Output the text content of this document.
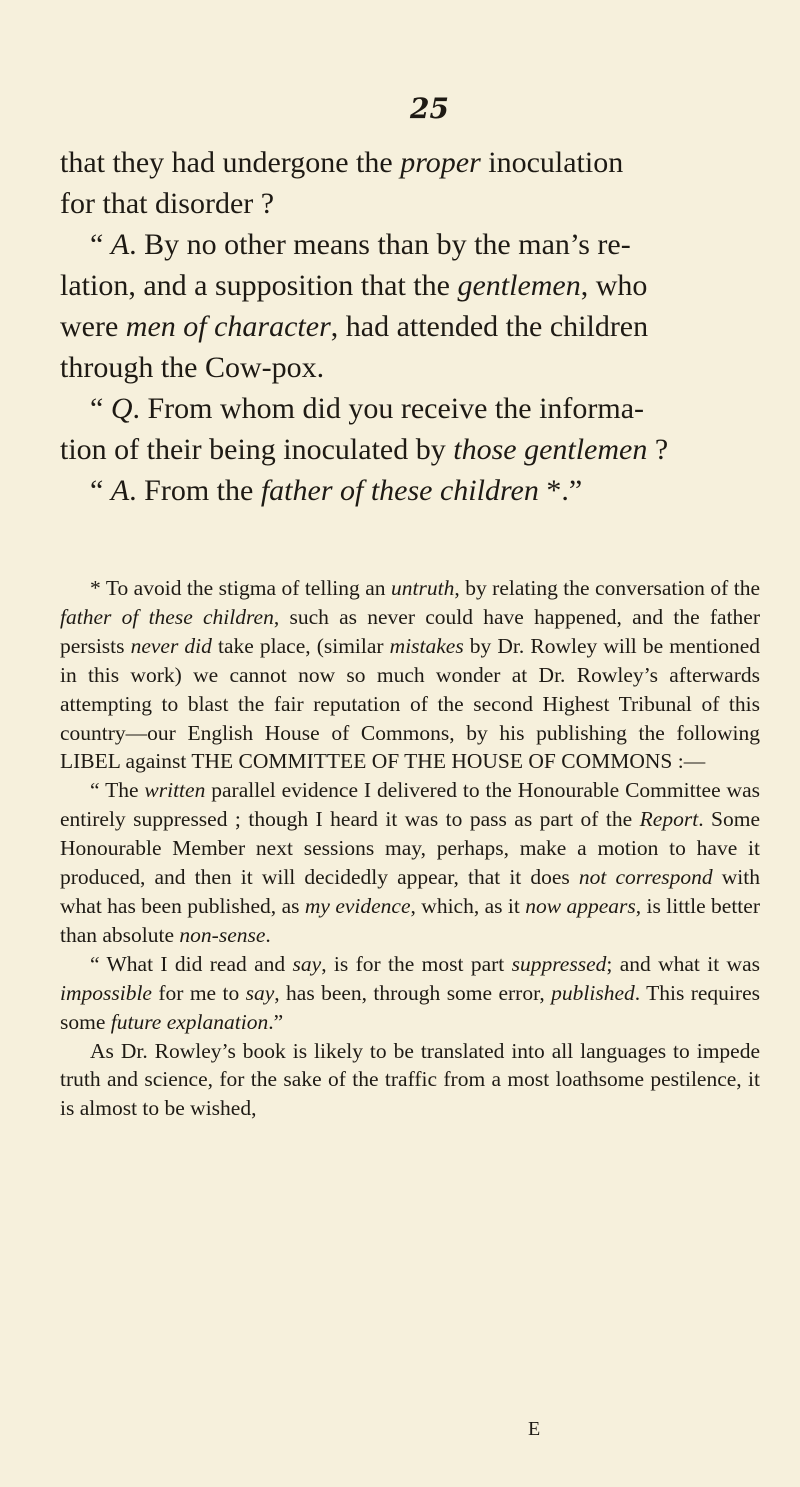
25

that they had undergone the proper inoculation

for that disorder ?

“ A. By no other means than by the man’s re-

lation, and a supposition that the gentlemen, who

were men of character, had attended the children

through the Cow-pox.

“ Q. From whom did you receive the informa-

tion of their being inoculated by those gentlemen ?

“ A. From the father of these children *.”

* To avoid the stigma of telling an untruth, by relating the conversation of the father of these children, such as never could have happened, and the father persists never did take place, (similar mistakes by Dr. Rowley will be mentioned in this work) we cannot now so much wonder at Dr. Rowley’s afterwards attempting to blast the fair reputation of the second Highest Tribunal of this country—our English House of Commons, by his publishing the following LIBEL against THE COMMITTEE OF THE HOUSE OF COMMONS :—

“ The written parallel evidence I delivered to the Honourable Committee was entirely suppressed ; though I heard it was to pass as part of the Report. Some Honourable Member next sessions may, perhaps, make a motion to have it produced, and then it will decidedly appear, that it does not correspond with what has been published, as my evidence, which, as it now appears, is little better than absolute non-sense.

“ What I did read and say, is for the most part suppressed; and what it was impossible for me to say, has been, through some error, published. This requires some future explanation.”

As Dr. Rowley’s book is likely to be translated into all languages to impede truth and science, for the sake of the traffic from a most loathsome pestilence, it is almost to be wished,

E
